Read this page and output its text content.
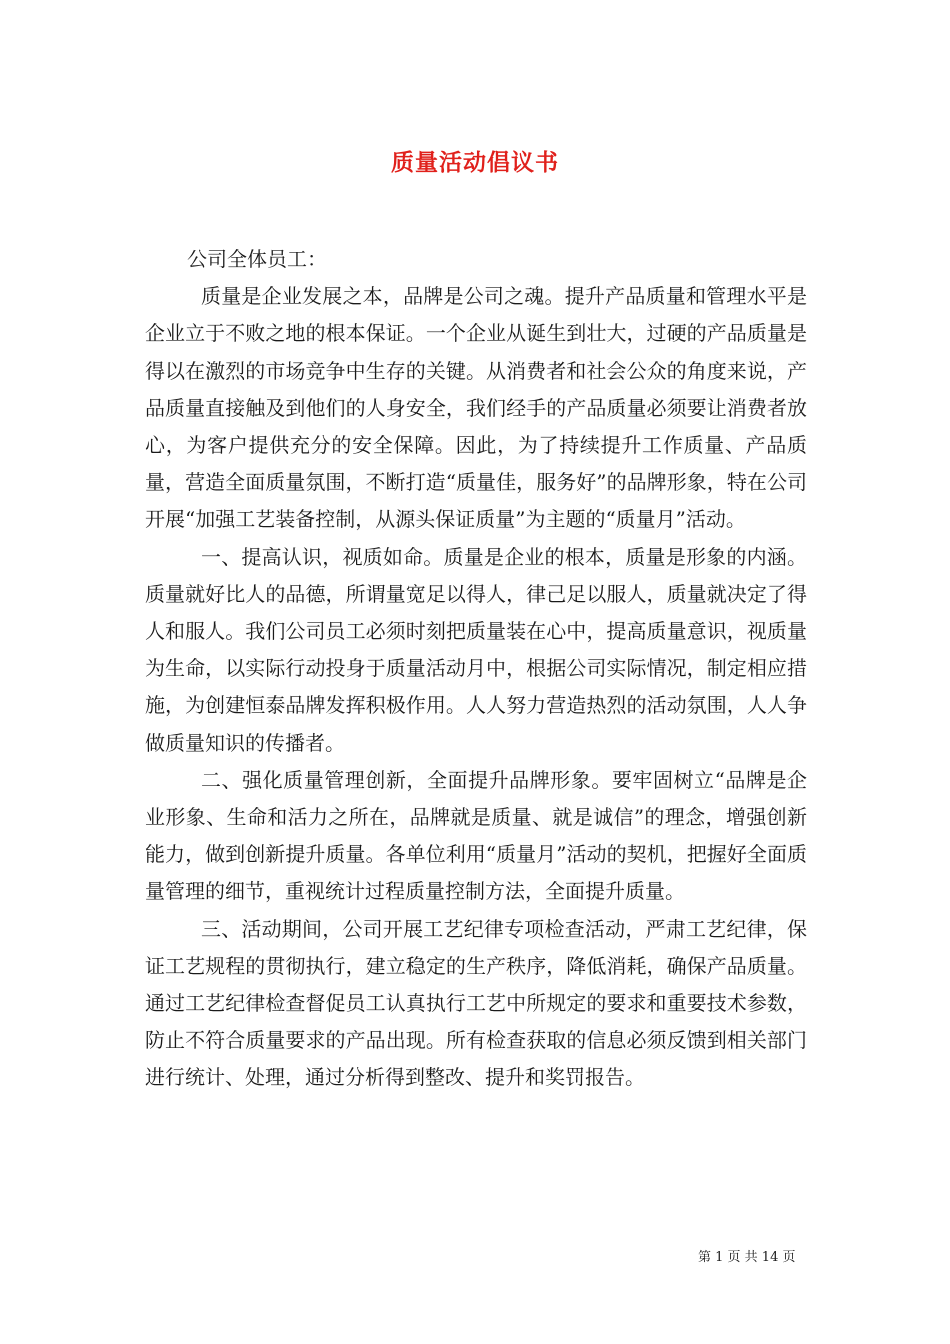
质量活动倡议书

公司全体员工：

质量是企业发展之本，品牌是公司之魂。提升产品质量和管理水平是企业立于不败之地的根本保证。一个企业从诞生到壮大，过硬的产品质量是得以在激烈的市场竞争中生存的关键。从消费者和社会公众的角度来说，产品质量直接触及到他们的人身安全，我们经手的产品质量必须要让消费者放心，为客户提供充分的安全保障。因此，为了持续提升工作质量、产品质量，营造全面质量氛围，不断打造“质量佳，服务好”的品牌形象，特在公司开展“加强工艺装备控制，从源头保证质量”为主题的“质量月”活动。

一、提高认识，视质如命。质量是企业的根本，质量是形象的内涵。质量就好比人的品德，所谓量宽足以得人，律己足以服人，质量就决定了得人和服人。我们公司员工必须时刻把质量装在心中，提高质量意识，视质量为生命，以实际行动投身于质量活动月中，根据公司实际情况，制定相应措施，为创建恒泰品牌发挥积极作用。人人努力营造热烈的活动氛围，人人争做质量知识的传播者。

二、强化质量管理创新，全面提升品牌形象。要牢固树立“品牌是企业形象、生命和活力之所在，品牌就是质量、就是诚信”的理念，增强创新能力，做到创新提升质量。各单位利用“质量月”活动的契机，把握好全面质量管理的细节，重视统计过程质量控制方法，全面提升质量。

三、活动期间，公司开展工艺纪律专项检查活动，严肃工艺纪律，保证工艺规程的贯彻执行，建立稳定的生产秩序，降低消耗，确保产品质量。通过工艺纪律检查督促员工认真执行工艺中所规定的要求和重要技术参数，防止不符合质量要求的产品出现。所有检查获取的信息必须反馈到相关部门进行统计、处理，通过分析得到整改、提升和奖罚报告。

第 1 页 共 14 页
